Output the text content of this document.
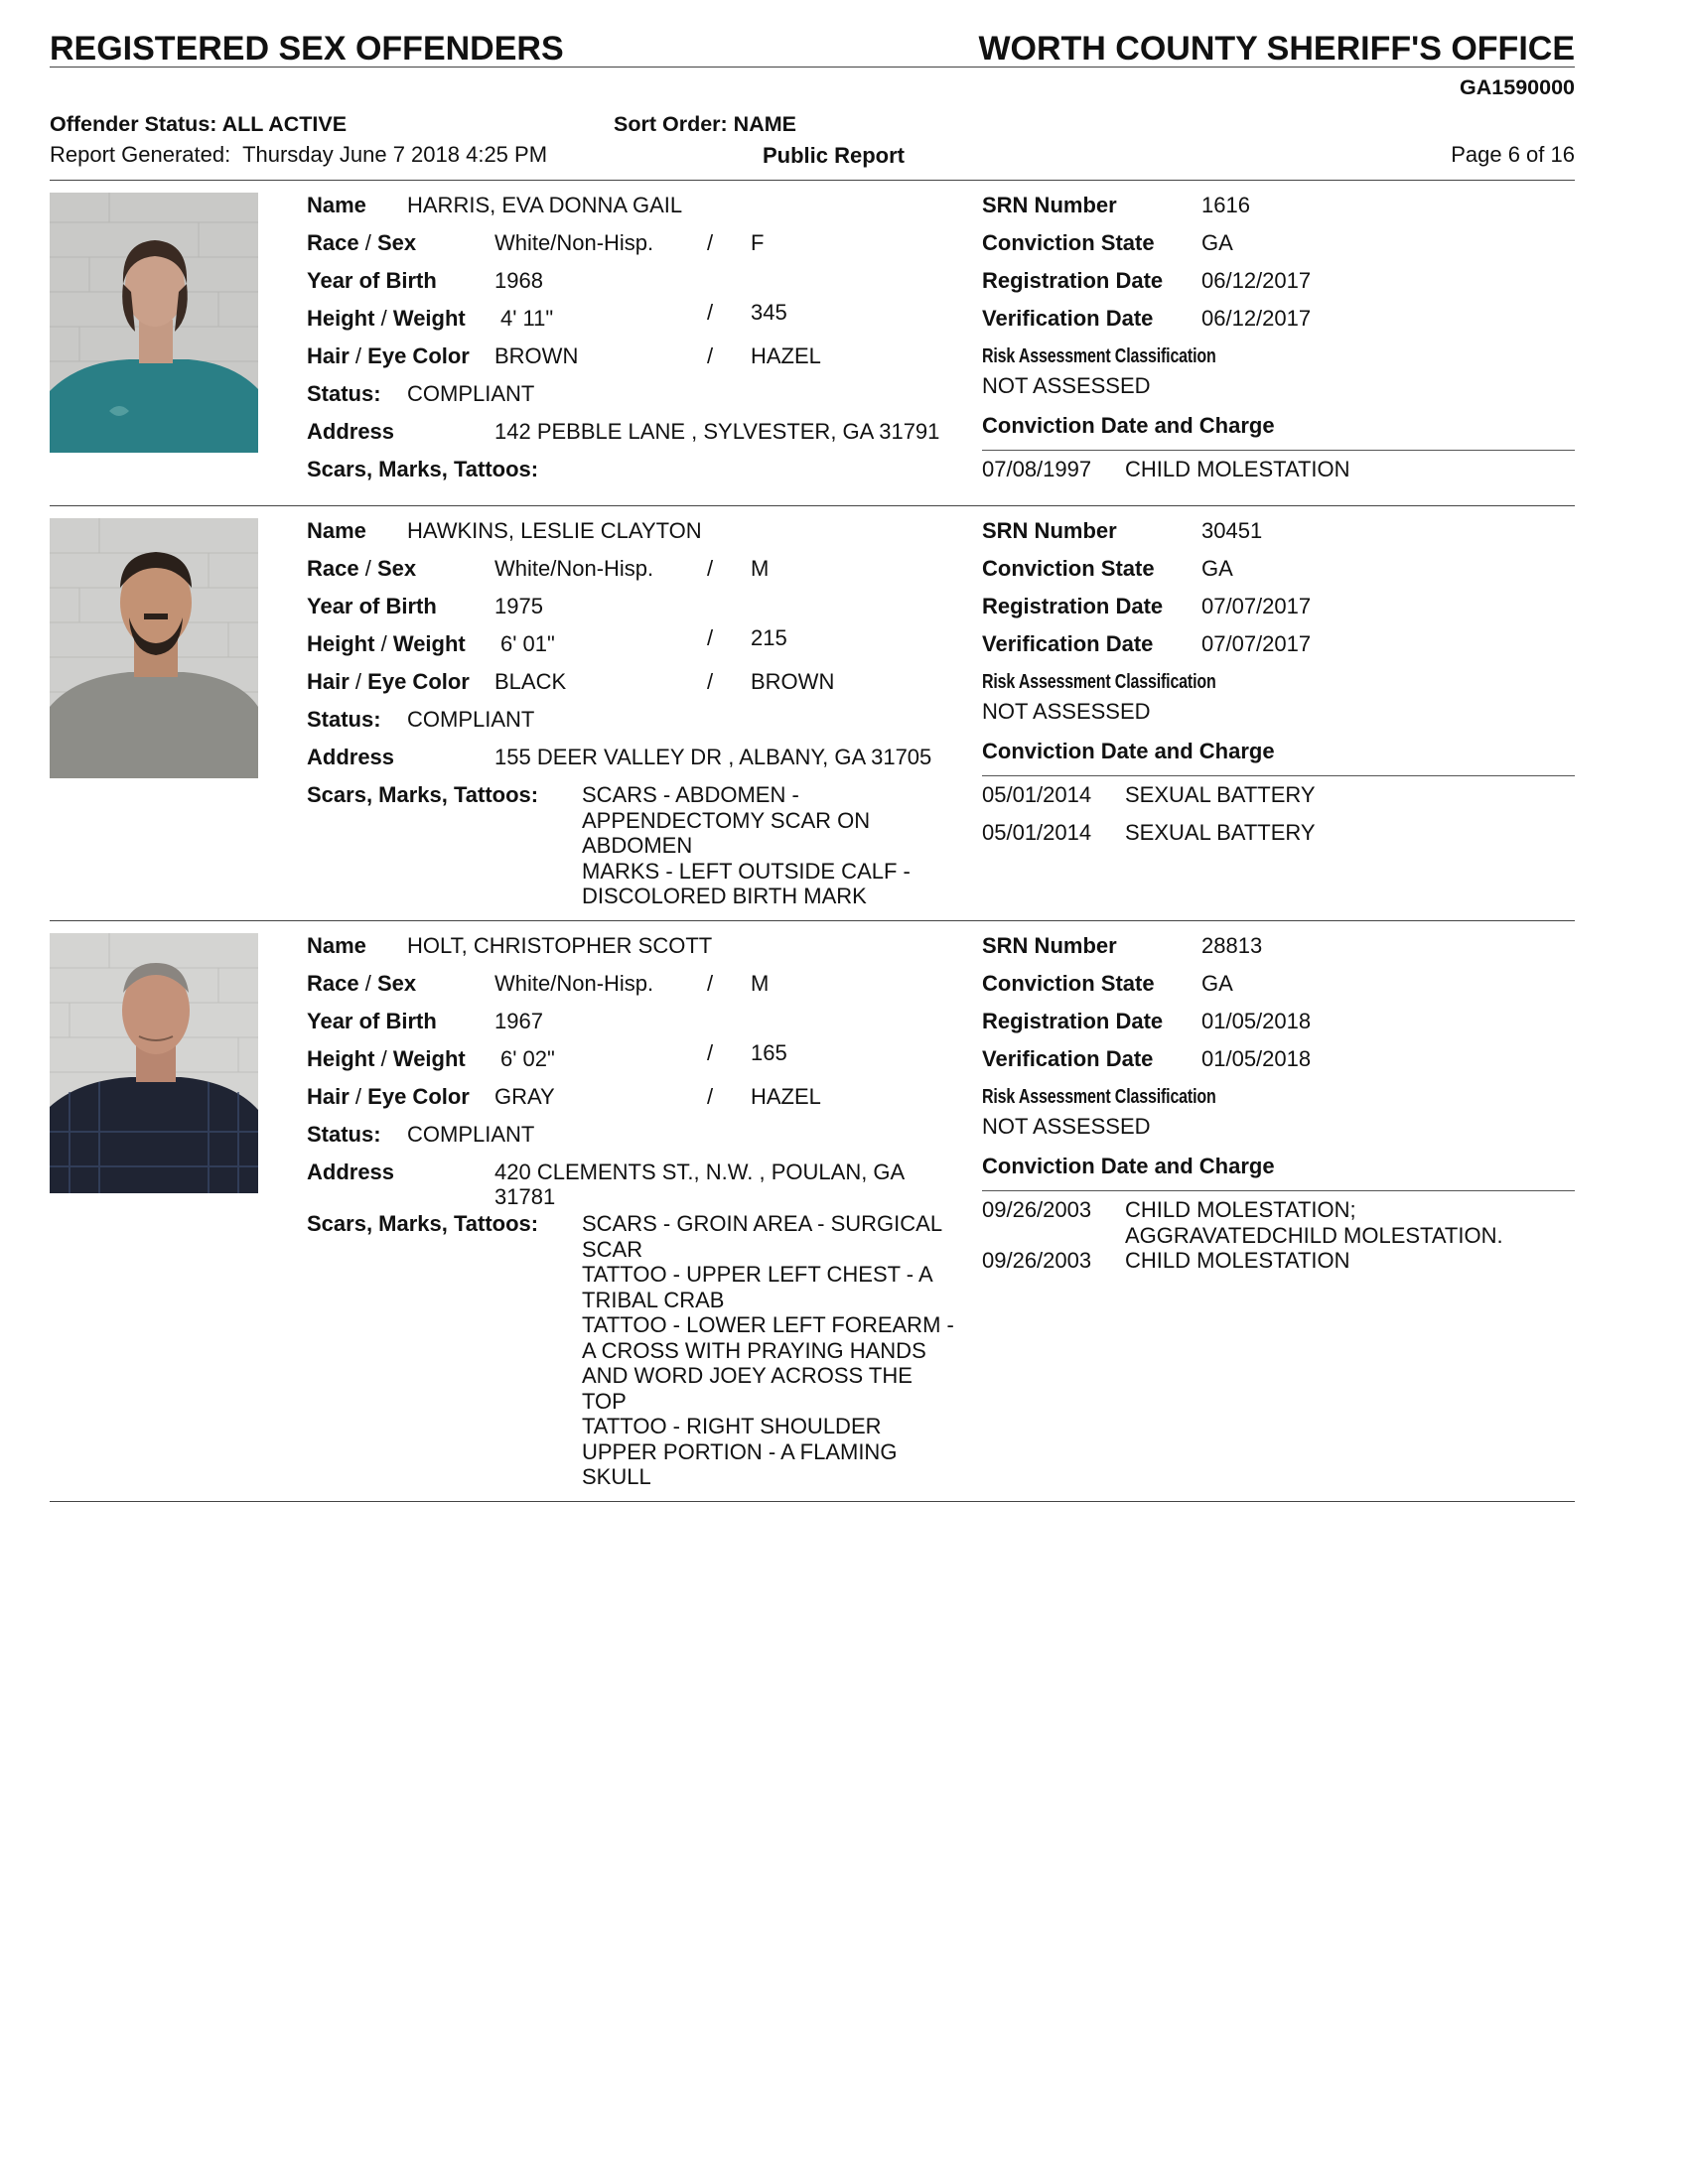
REGISTERED SEX OFFENDERS	WORTH COUNTY SHERIFF'S OFFICE
GA1590000
Offender Status: ALL ACTIVE	Sort Order: NAME
Report Generated: Thursday June 7 2018 4:25 PM	Public Report	Page 6 of 16
Name HARRIS, EVA DONNA GAIL
Race / Sex	White/Non-Hisp. / F
Year of Birth	1968
Height / Weight 4' 11"	/ 345
Hair / Eye Color BROWN	/ HAZEL
Status: COMPLIANT
Address	142 PEBBLE LANE , SYLVESTER, GA 31791
Scars, Marks, Tattoos:
SRN Number	1616
Conviction State GA
Registration Date 06/12/2017
Verification Date 06/12/2017
Risk Assessment Classification
NOT ASSESSED
Conviction Date and Charge
07/08/1997 CHILD MOLESTATION
Name HAWKINS, LESLIE CLAYTON
Race / Sex	White/Non-Hisp. / M
Year of Birth	1975
Height / Weight 6' 01"	/ 215
Hair / Eye Color BLACK	/ BROWN
Status: COMPLIANT
Address	155 DEER VALLEY DR , ALBANY, GA 31705
Scars, Marks, Tattoos: SCARS - ABDOMEN -
APPENDECTOMY SCAR ON
ABDOMEN
MARKS - LEFT OUTSIDE CALF -
DISCOLORED BIRTH MARK
SRN Number	30451
Conviction State GA
Registration Date 07/07/2017
Verification Date 07/07/2017
Risk Assessment Classification
NOT ASSESSED
Conviction Date and Charge
05/01/2014 SEXUAL BATTERY
05/01/2014 SEXUAL BATTERY
Name HOLT, CHRISTOPHER SCOTT
Race / Sex	White/Non-Hisp. / M
Year of Birth	1967
Height / Weight 6' 02"	/ 165
Hair / Eye Color GRAY	/ HAZEL
Status: COMPLIANT
Address	420 CLEMENTS ST., N.W. , POULAN, GA
31781
Scars, Marks, Tattoos: SCARS - GROIN AREA - SURGICAL
SCAR
TATTOO - UPPER LEFT CHEST - A
TRIBAL CRAB
TATTOO - LOWER LEFT FOREARM -
A CROSS WITH PRAYING HANDS
AND WORD JOEY ACROSS THE
TOP
TATTOO - RIGHT SHOULDER
UPPER PORTION - A FLAMING
SKULL
SRN Number	28813
Conviction State GA
Registration Date 01/05/2018
Verification Date 01/05/2018
Risk Assessment Classification
NOT ASSESSED
Conviction Date and Charge
09/26/2003 CHILD MOLESTATION;
AGGRAVATEDCHILD MOLESTATION.
09/26/2003 CHILD MOLESTATION
